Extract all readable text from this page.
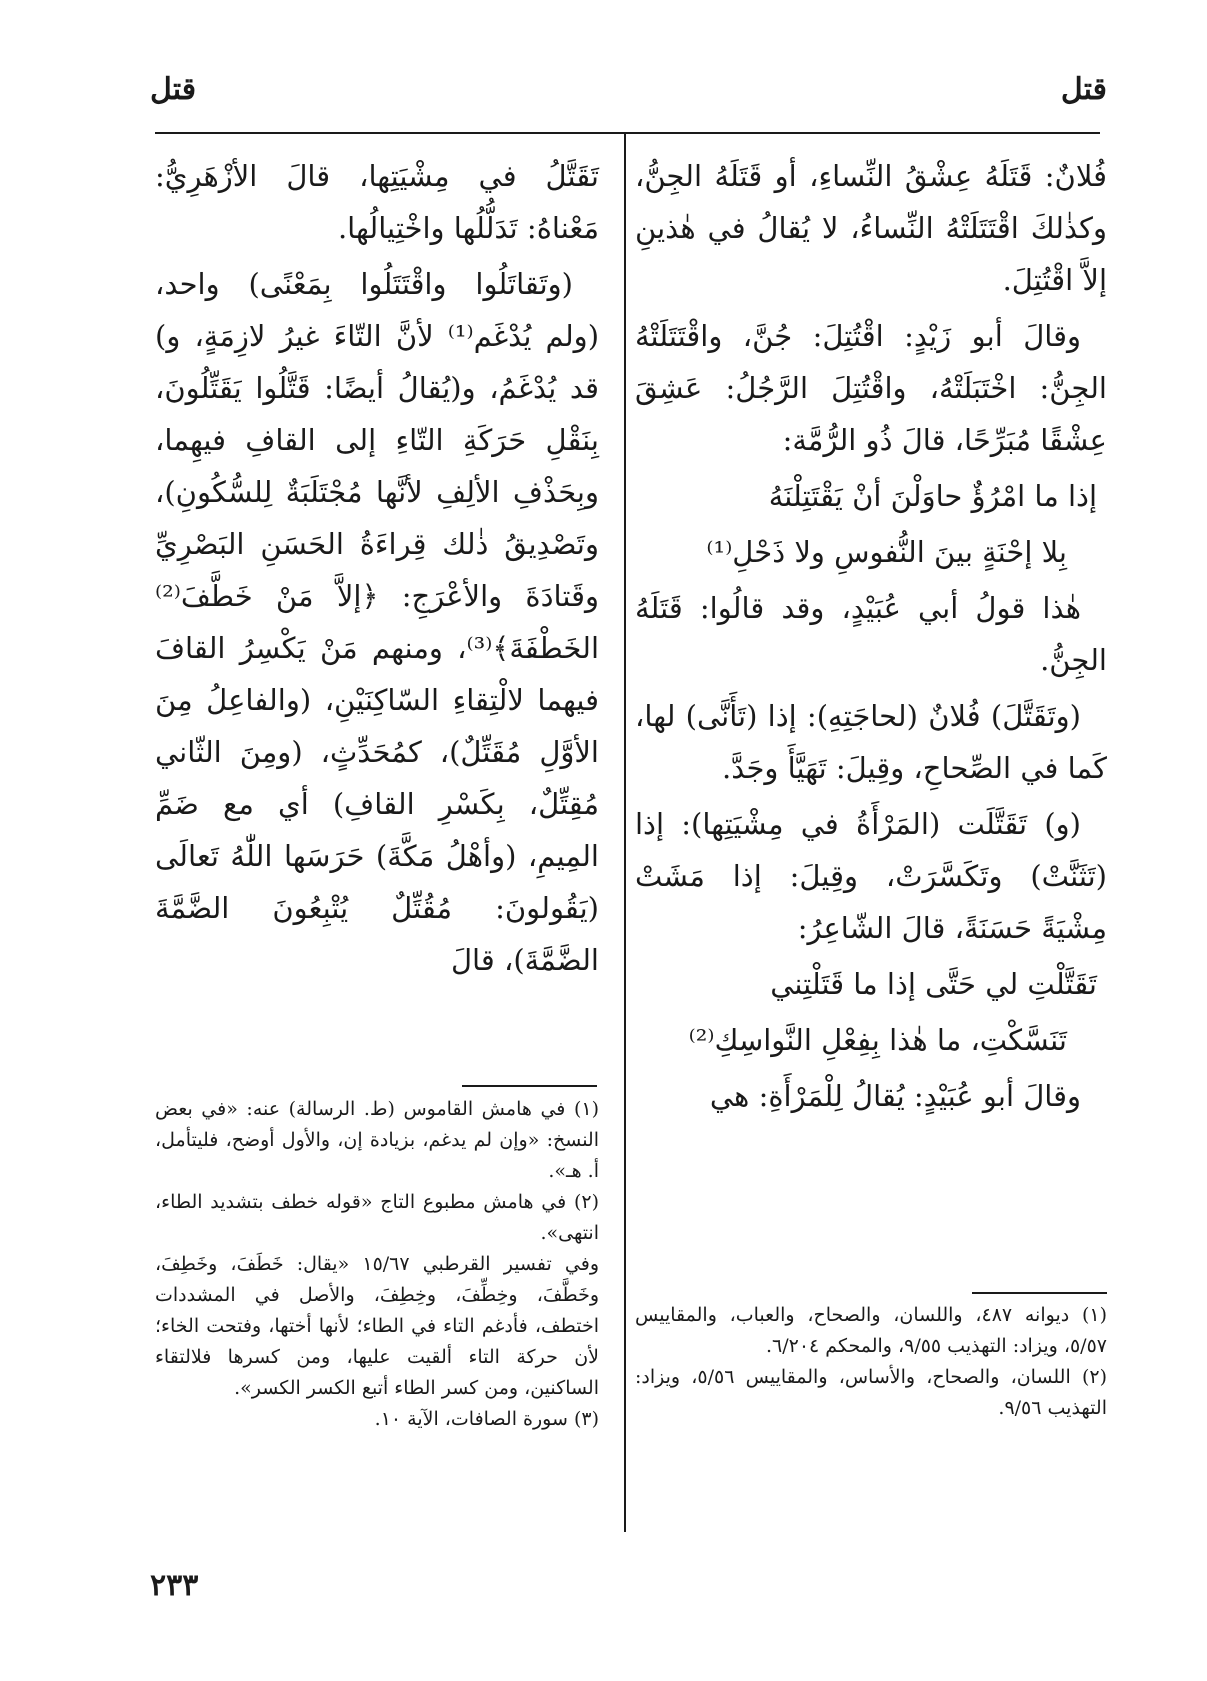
قتل
قتل

فُلانٌ: قَتَلَهُ عِشْقُ النِّساءِ، أو قَتَلَهُ الجِنُّ، وكذٰلكَ اقْتَتَلَتْهُ النِّساءُ، لا يُقالُ في هٰذينِ إلاَّ اقْتُتِلَ.

وقالَ أبو زَيْدٍ: اقْتُتِلَ: جُنَّ، واقْتَتَلَتْهُ الجِنُّ: اخْتَبَلَتْهُ، واقْتُتِلَ الرَّجُلُ: عَشِقَ عِشْقًا مُبَرِّحًا، قالَ ذُو الرُّمَّة:

إذا ما امْرُؤٌ حاوَلْنَ أنْ يَقْتَتِلْنَهُ

بِلا إحْنَةٍ بينَ النُّفوسِ ولا ذَحْلِ⁽¹⁾

هٰذا قولُ أبي عُبَيْدٍ، وقد قالُوا: قَتَلَهُ الجِنُّ.

(وتَقَتَّلَ) فُلانٌ (لحاجَتِهِ): إذا (تَأَنَّى) لها، كَما في الصِّحاحِ، وقِيلَ: تَهَيَّأَ وجَدَّ.

(و) تَقَتَّلَت (المَرْأَةُ في مِشْيَتِها): إذا (تَثَنَّتْ) وتَكَسَّرَتْ، وقِيلَ: إذا مَشَتْ مِشْيَةً حَسَنَةً، قالَ الشّاعِرُ:

تَقَتَّلْتِ لي حَتَّى إذا ما قَتَلْتِني

تَنَسَّكْتِ، ما هٰذا بِفِعْلِ النَّواسِكِ⁽²⁾

وقالَ أبو عُبَيْدٍ: يُقالُ لِلْمَرْأَةِ: هي

تَقَتَّلُ في مِشْيَتِها، قالَ الأزْهَرِيُّ: مَعْناهُ: تَدَلُّلُها واخْتِيالُها.

(وتَقاتَلُوا واقْتَتَلُوا بِمَعْنًى) واحد، (ولم يُدْغَم⁽¹⁾ لأنَّ التّاءَ غيرُ لازِمَةٍ، و) قد يُدْغَمُ، و(يُقالُ أيضًا: قَتَّلُوا يَقَتِّلُونَ، بِنَقْلِ حَرَكَةِ التّاءِ إلى القافِ فيهِما، وبِحَذْفِ الألِفِ لأنَّها مُجْتَلَبَةٌ لِلسُّكُونِ)، وتَصْدِيقُ ذٰلك قِراءَةُ الحَسَنِ البَصْرِيِّ وقَتادَةَ والأعْرَجِ: ﴿إلاَّ مَنْ خَطَّفَ⁽²⁾ الخَطْفَةَ﴾⁽³⁾، ومنهم مَنْ يَكْسِرُ القافَ فيهما لالْتِقاءِ السّاكِنَيْنِ، (والفاعِلُ مِنَ الأوَّلِ مُقَتِّلٌ)، كمُحَدِّثٍ، (ومِنَ الثّاني مُقِتِّلٌ، بِكَسْرِ القافِ) أي مع ضَمِّ المِيمِ، (وأهْلُ مَكَّةَ) حَرَسَها اللّٰهُ تَعالَى (يَقُولونَ: مُقُتِّلٌ يُتْبِعُونَ الضَّمَّةَ الضَّمَّةَ)، قالَ

(١) ديوانه ٤٨٧، واللسان، والصحاح، والعباب، والمقاييس ٥/٥٧، ويزاد: التهذيب ٩/٥٥، والمحكم ٦/٢٠٤.

(٢) اللسان، والصحاح، والأساس، والمقاييس ٥/٥٦، ويزاد: التهذيب ٩/٥٦.

(١) في هامش القاموس (ط. الرسالة) عنه: «في بعض النسخ: «وإن لم يدغم، بزيادة إن، والأول أوضح، فليتأمل، أ. هـ».

(٢) في هامش مطبوع التاج «قوله خطف بتشديد الطاء، انتهى».

وفي تفسير القرطبي ١٥/٦٧ «يقال: خَطَفَ، وخَطِفَ، وخَطَّفَ، وخِطِّفَ، وخِطِفَ، والأصل في المشددات اختطف، فأدغم التاء في الطاء؛ لأنها أختها، وفتحت الخاء؛ لأن حركة التاء ألقيت عليها، ومن كسرها فلالتقاء الساكنين، ومن كسر الطاء أتبع الكسر الكسر».

(٣) سورة الصافات، الآية ١٠.

٢٣٣
